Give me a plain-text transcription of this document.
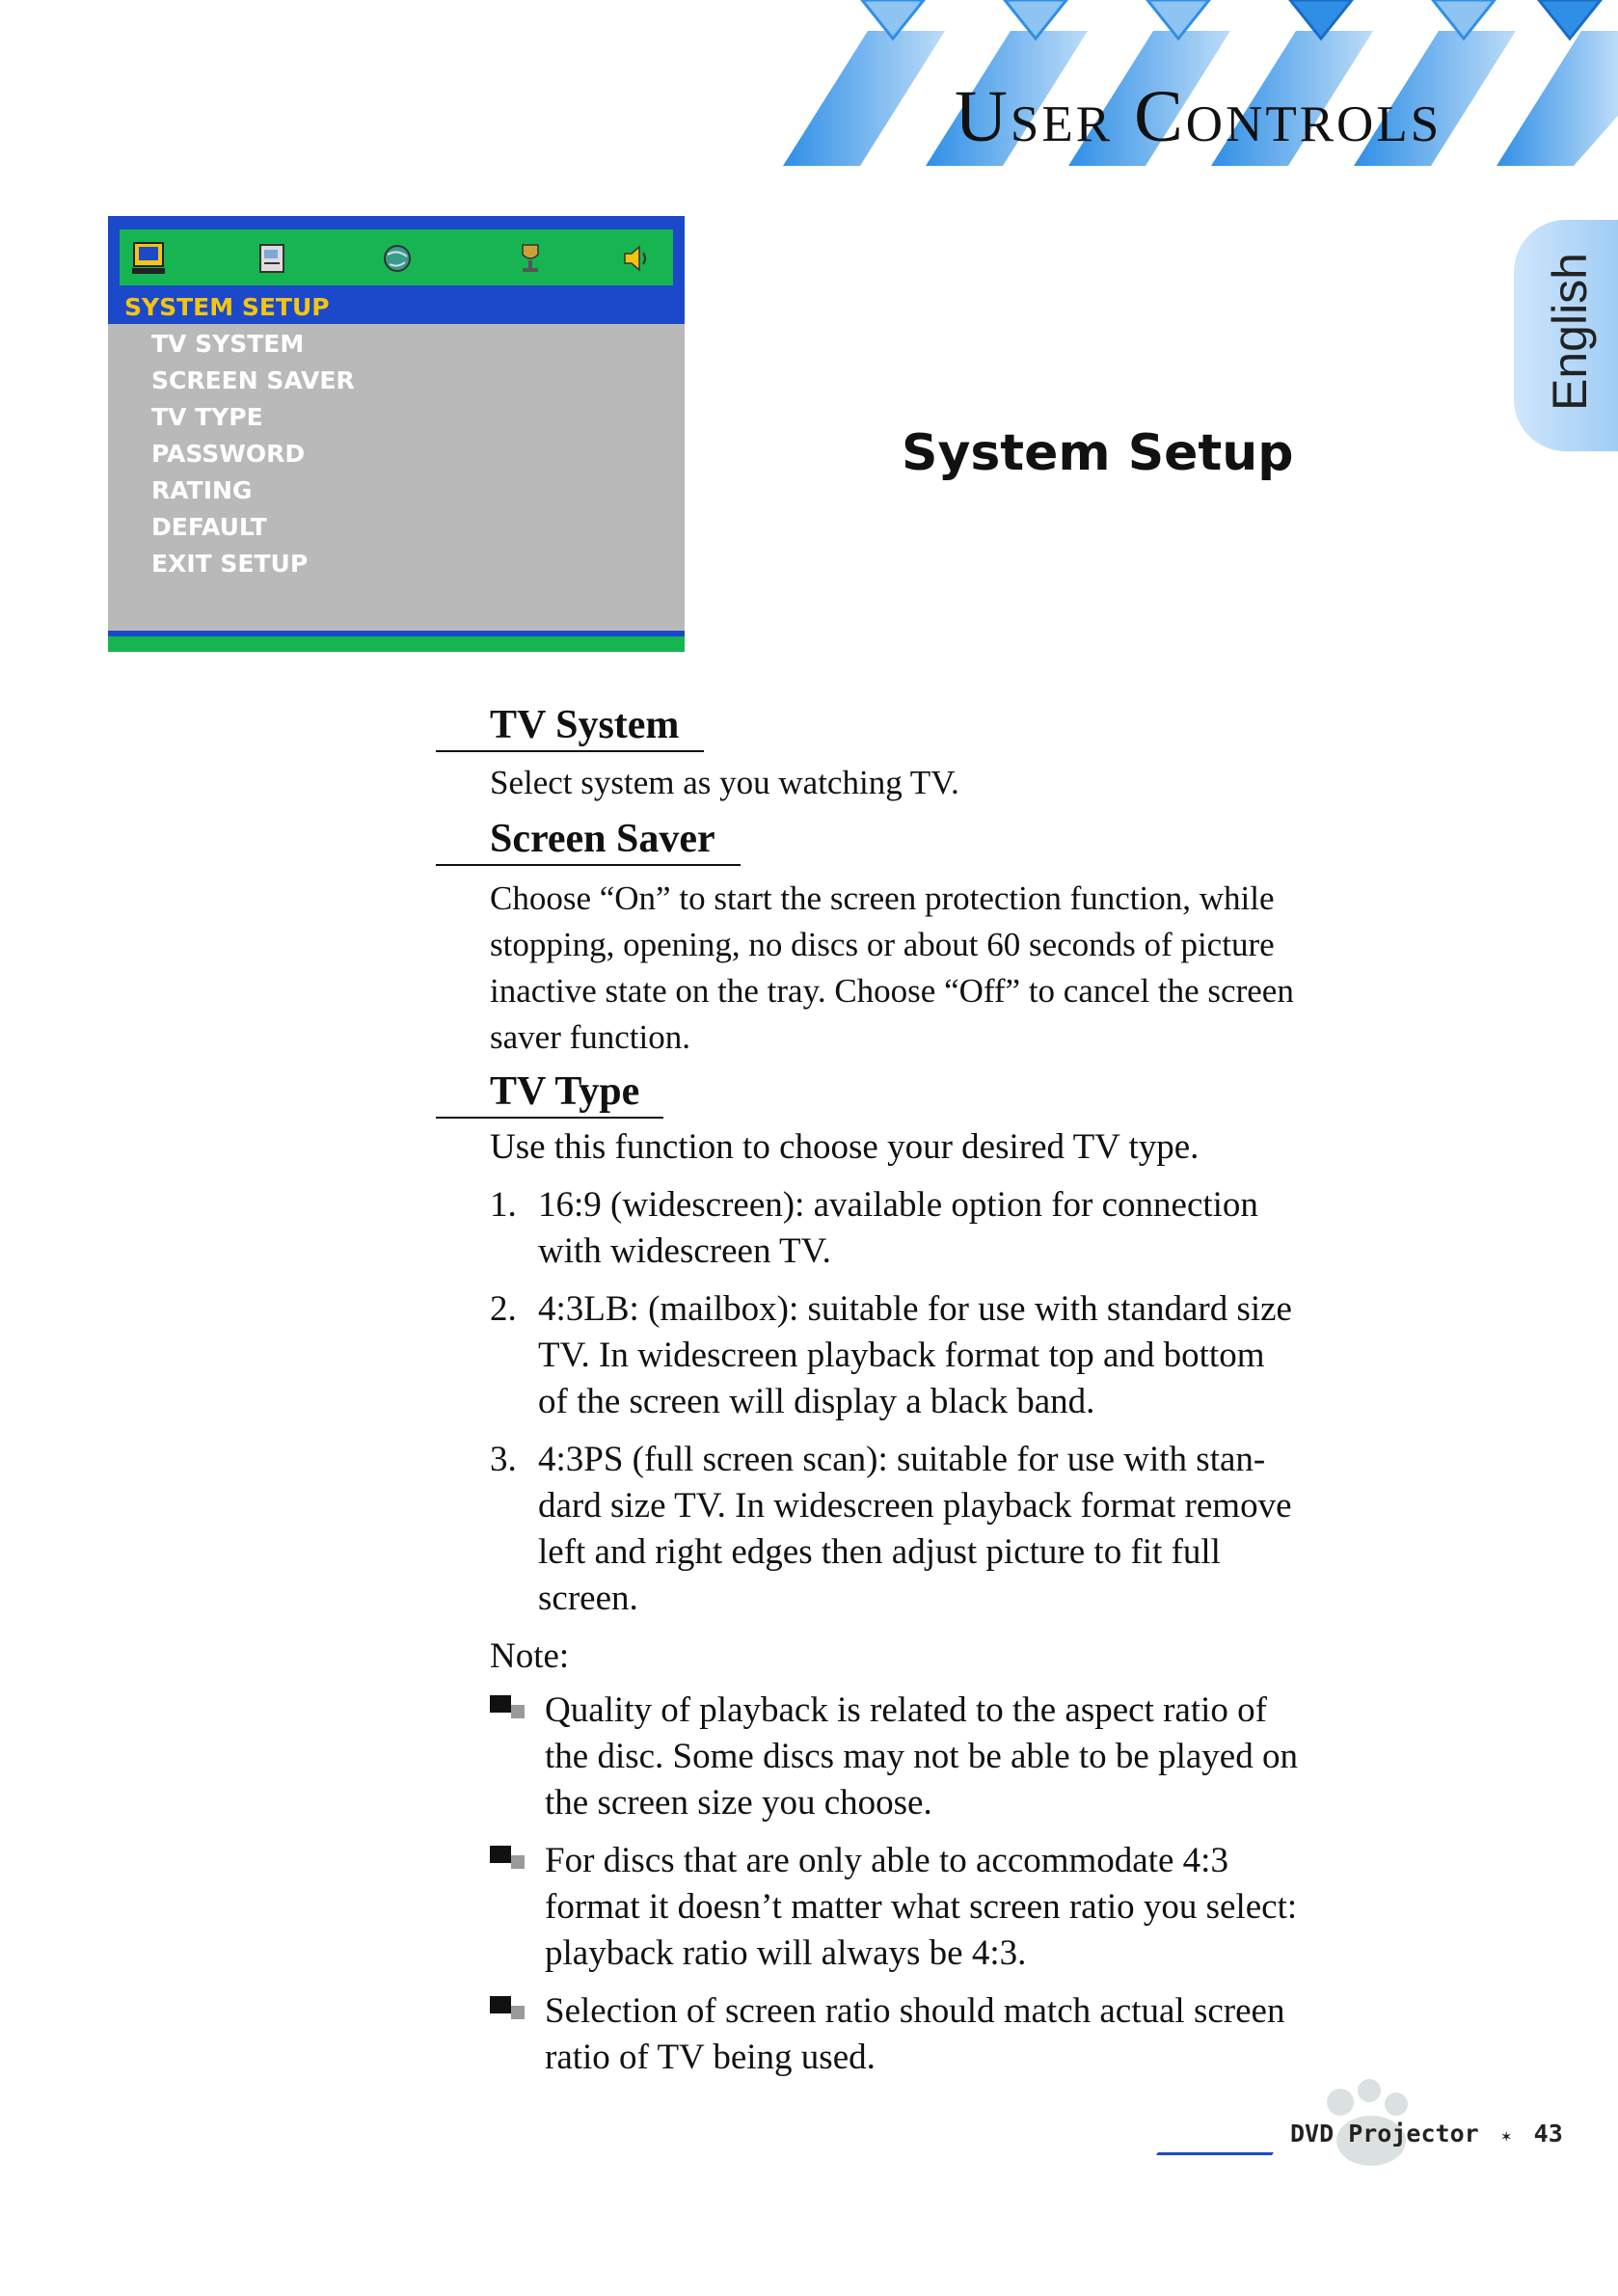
User Controls
English
SYSTEM SETUP
TV SYSTEM
SCREEN SAVER
TV TYPE
PASSWORD
RATING
DEFAULT
EXIT SETUP
System Setup
TV System
Select system as you watching TV.
Screen Saver
Choose “On” to start the screen protection function, while
stopping, opening, no discs or about 60 seconds of picture
inactive state on the tray. Choose “Off” to cancel the screen
saver function.
TV Type
Use this function to choose your desired TV type.
1. 16:9 (widescreen): available option for connection
with widescreen TV.
2. 4:3LB: (mailbox): suitable for use with standard size
TV. In widescreen playback format top and bottom
of the screen will display a black band.
3. 4:3PS (full screen scan): suitable for use with stan-
dard size TV. In widescreen playback format remove
left and right edges then adjust picture to fit full
screen.
Note:
Quality of playback is related to the aspect ratio of
the disc. Some discs may not be able to be played on
the screen size you choose.
For discs that are only able to accommodate 4:3
format it doesn’t matter what screen ratio you select:
playback ratio will always be 4:3.
Selection of screen ratio should match actual screen
ratio of TV being used.
DVD Projector ✶ 43
